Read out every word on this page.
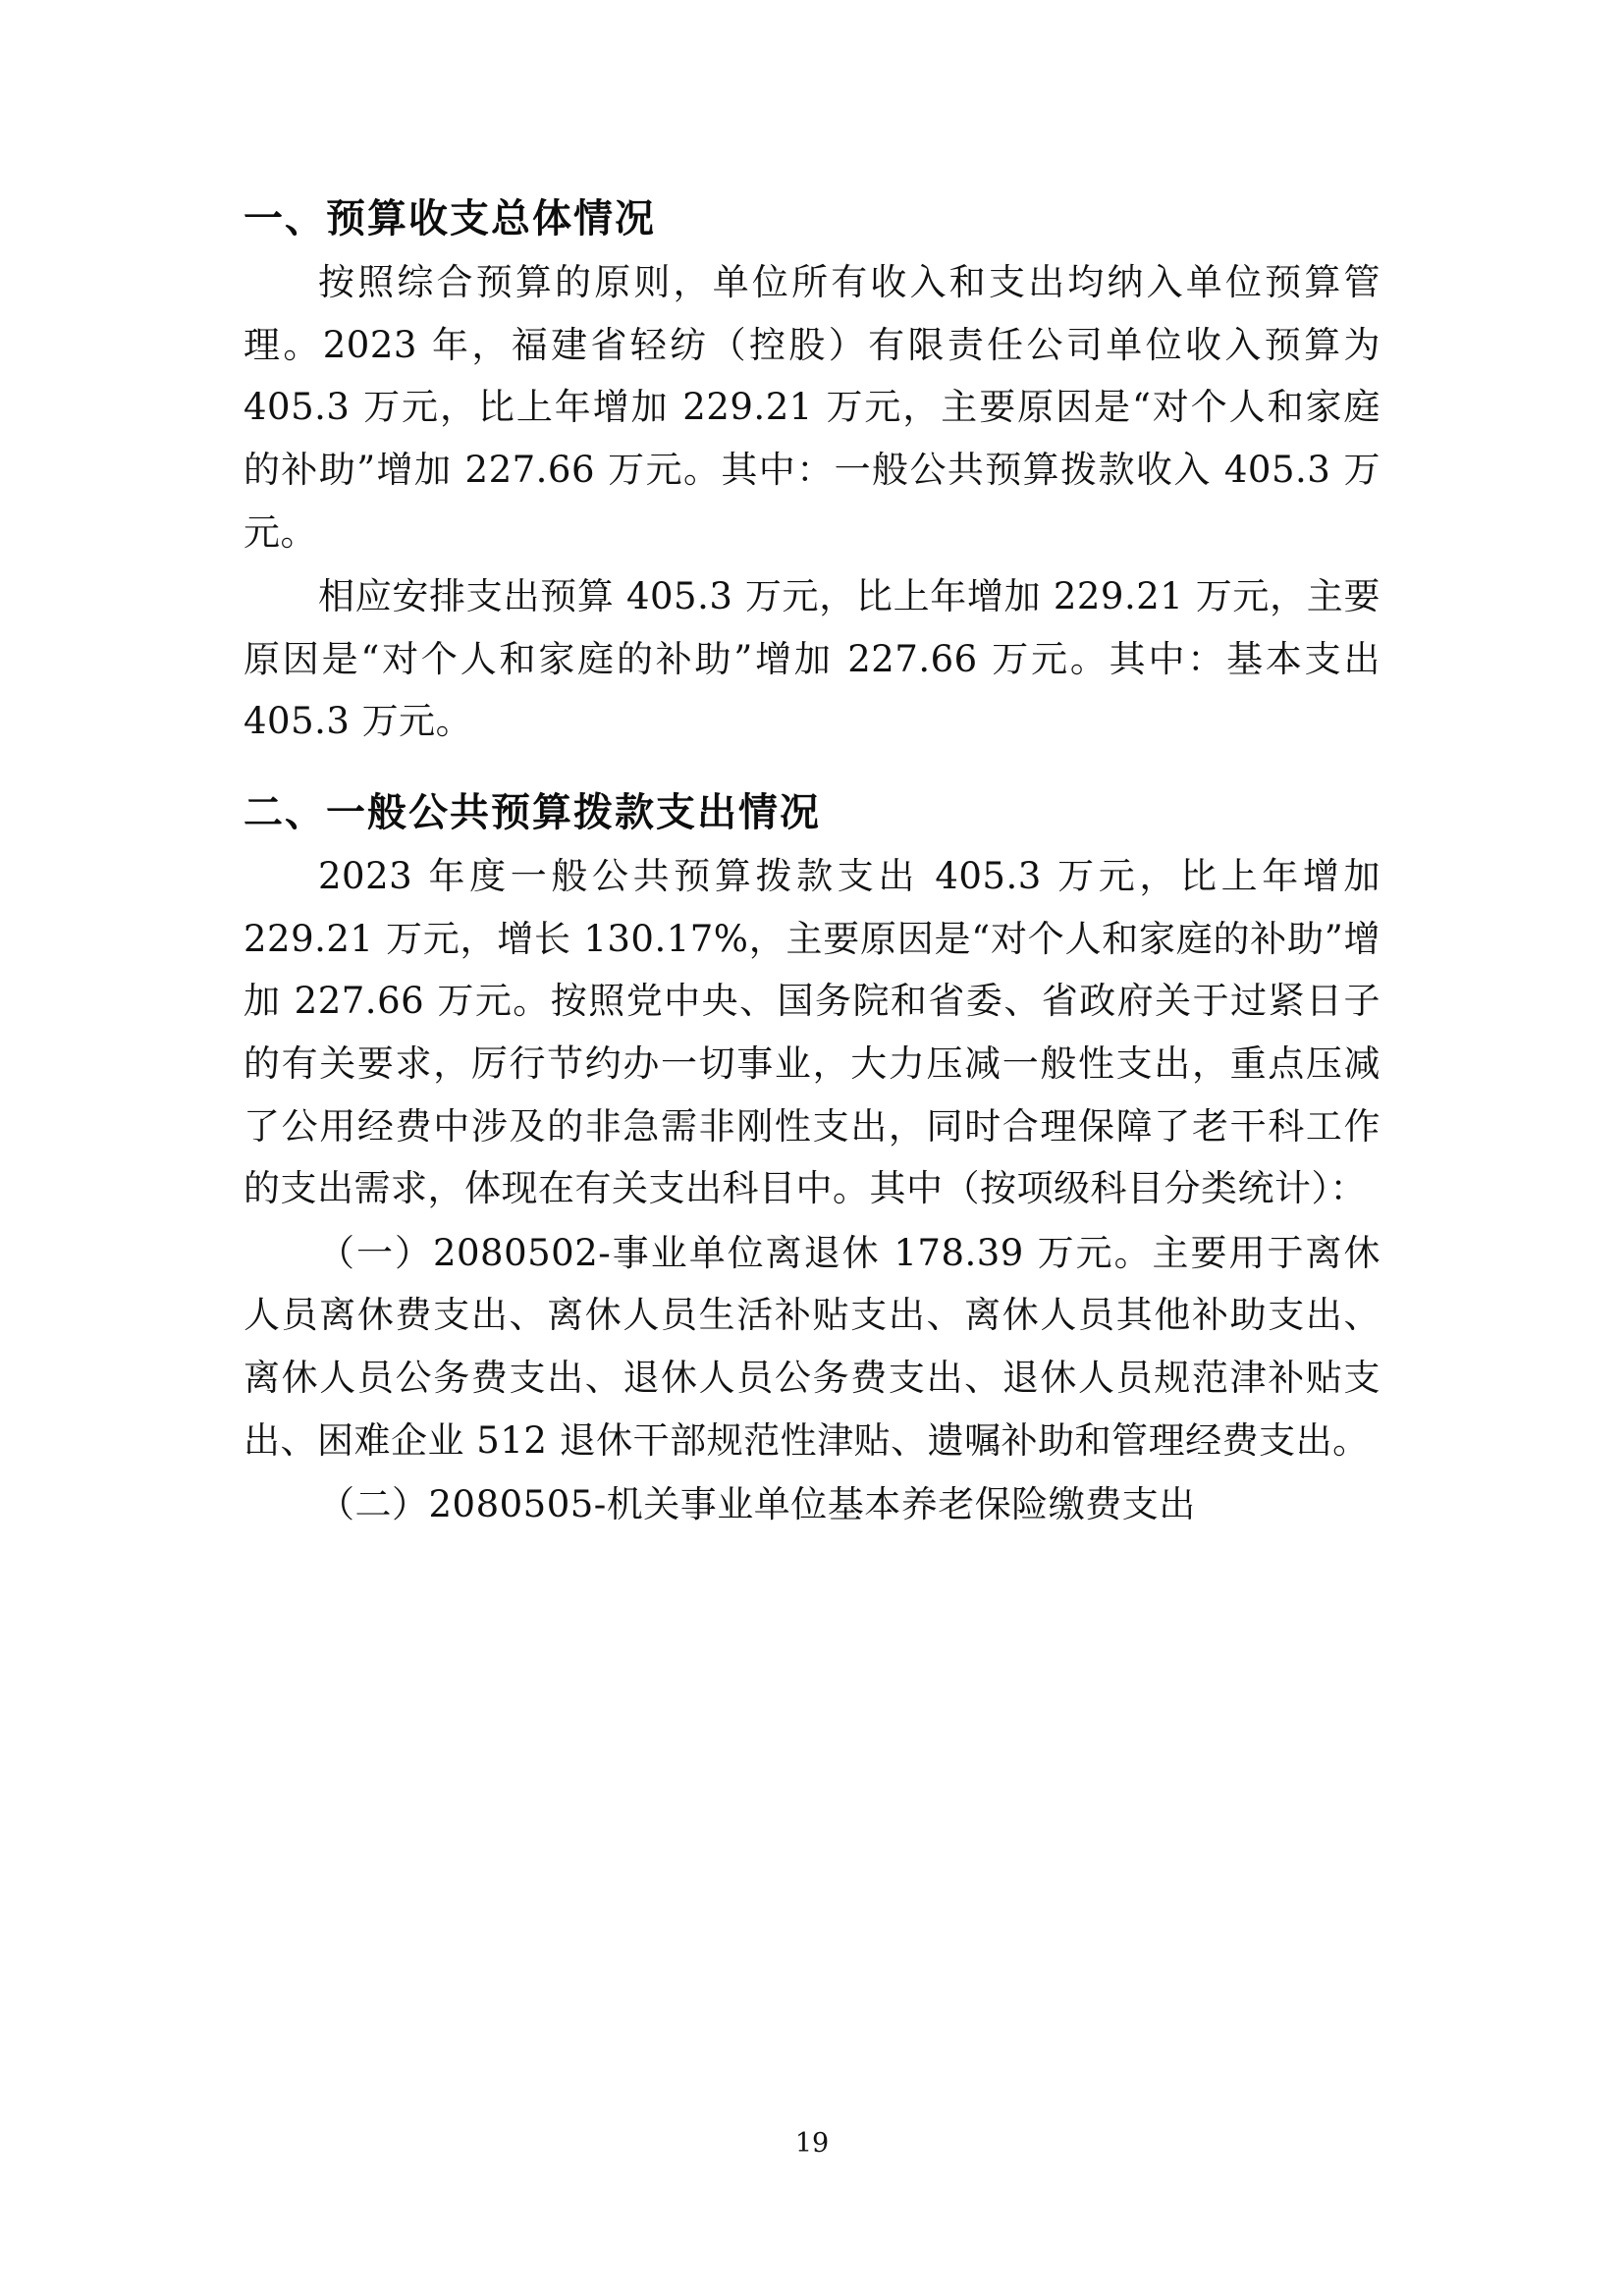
一、预算收支总体情况

按照综合预算的原则，单位所有收入和支出均纳入单位预算管理。2023 年，福建省轻纺（控股）有限责任公司单位收入预算为 405.3 万元，比上年增加 229.21 万元，主要原因是“对个人和家庭的补助”增加 227.66 万元。其中：一般公共预算拨款收入 405.3 万元。

相应安排支出预算 405.3 万元，比上年增加 229.21 万元，主要原因是“对个人和家庭的补助”增加 227.66 万元。其中：基本支出 405.3 万元。

二、一般公共预算拨款支出情况

2023 年度一般公共预算拨款支出 405.3 万元，比上年增加 229.21 万元，增长 130.17%，主要原因是“对个人和家庭的补助”增加 227.66 万元。按照党中央、国务院和省委、省政府关于过紧日子的有关要求，厉行节约办一切事业，大力压减一般性支出，重点压减了公用经费中涉及的非急需非刚性支出，同时合理保障了老干科工作的支出需求，体现在有关支出科目中。其中（按项级科目分类统计）：

（一）2080502-事业单位离退休 178.39 万元。主要用于离休人员离休费支出、离休人员生活补贴支出、离休人员其他补助支出、离休人员公务费支出、退休人员公务费支出、退休人员规范津补贴支出、困难企业 512 退休干部规范性津贴、遗嘱补助和管理经费支出。

（二）2080505-机关事业单位基本养老保险缴费支出

19
